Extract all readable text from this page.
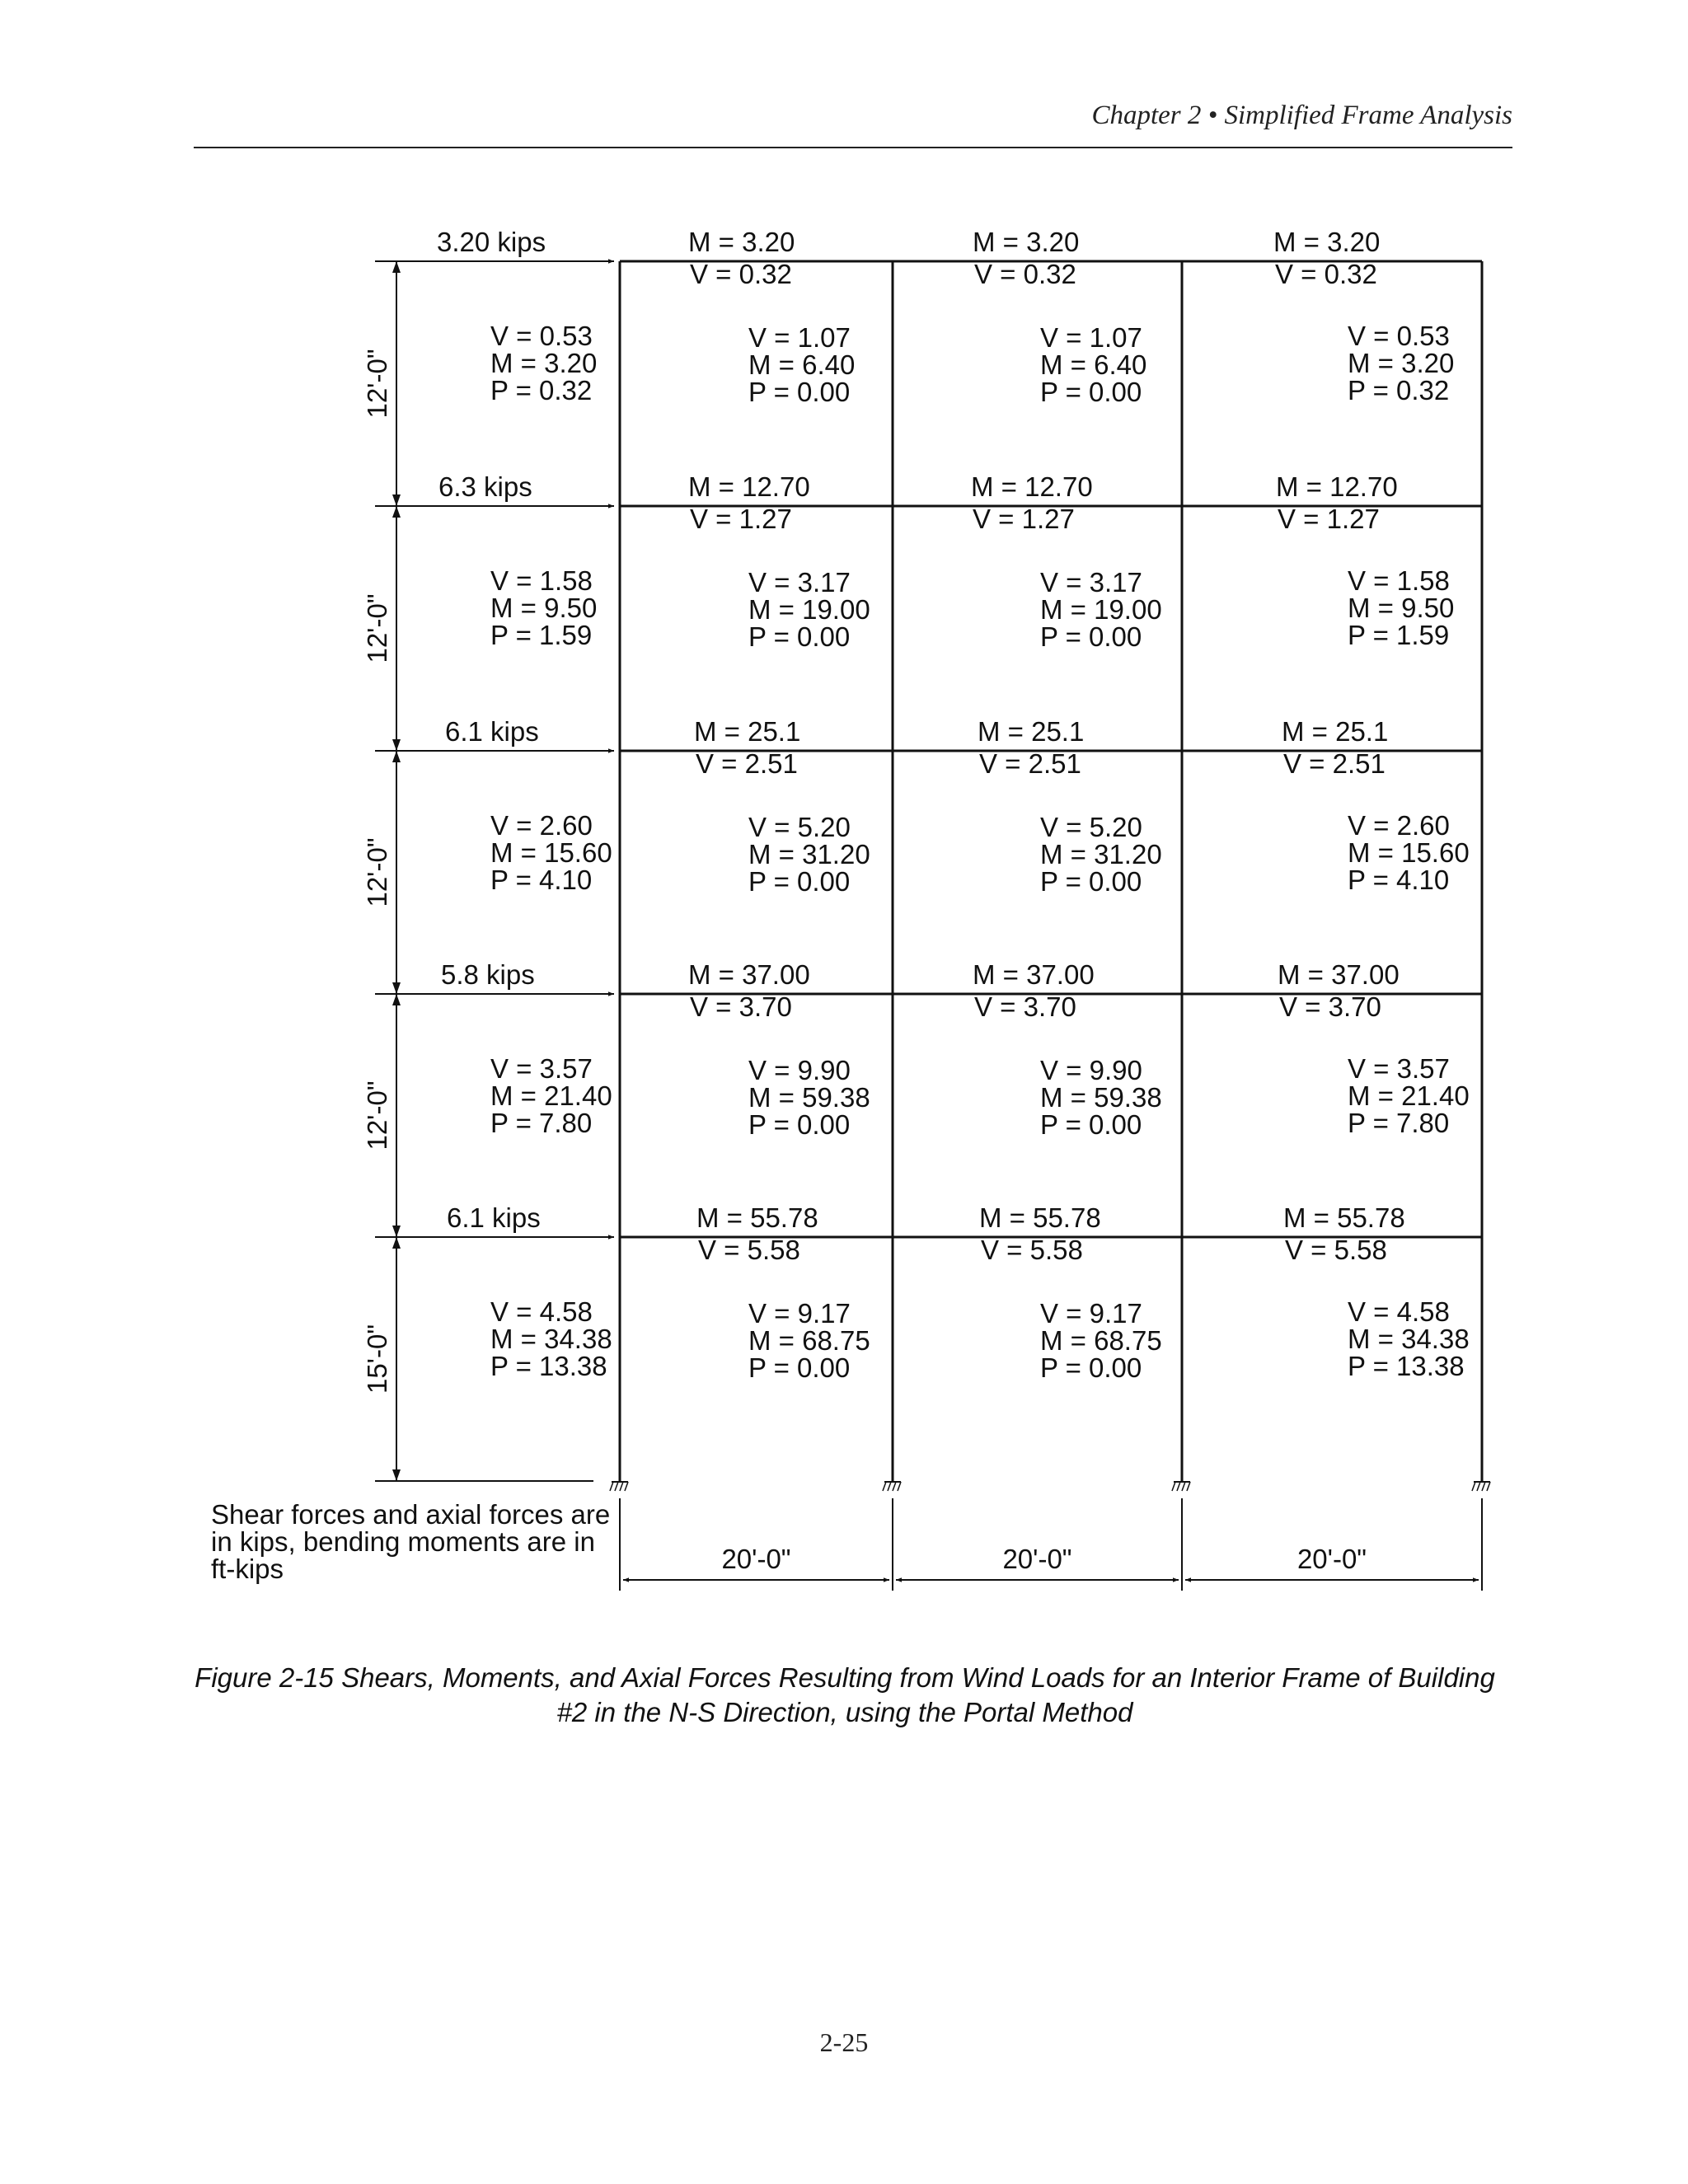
Chapter 2 • Simplified Frame Analysis
3.20 kips
12'-0"
M = 3.20
V = 0.32
M = 3.20
V = 0.32
M = 3.20
V = 0.32
V = 0.53
M = 3.20
P = 0.32
V = 1.07
M = 6.40
P = 0.00
V = 1.07
M = 6.40
P = 0.00
V = 0.53
M = 3.20
P = 0.32
6.3 kips
12'-0"
M = 12.70
V = 1.27
M = 12.70
V = 1.27
M = 12.70
V = 1.27
V = 1.58
M = 9.50
P = 1.59
V = 3.17
M = 19.00
P = 0.00
V = 3.17
M = 19.00
P = 0.00
V = 1.58
M = 9.50
P = 1.59
6.1 kips
12'-0"
M = 25.1
V = 2.51
M = 25.1
V = 2.51
M = 25.1
V = 2.51
V = 2.60
M = 15.60
P = 4.10
V = 5.20
M = 31.20
P = 0.00
V = 5.20
M = 31.20
P = 0.00
V = 2.60
M = 15.60
P = 4.10
5.8 kips
12'-0"
M = 37.00
V = 3.70
M = 37.00
V = 3.70
M = 37.00
V = 3.70
V = 3.57
M = 21.40
P = 7.80
V = 9.90
M = 59.38
P = 0.00
V = 9.90
M = 59.38
P = 0.00
V = 3.57
M = 21.40
P = 7.80
6.1 kips
15'-0"
M = 55.78
V = 5.58
M = 55.78
V = 5.58
M = 55.78
V = 5.58
V = 4.58
M = 34.38
P = 13.38
V = 9.17
M = 68.75
P = 0.00
V = 9.17
M = 68.75
P = 0.00
V = 4.58
M = 34.38
P = 13.38
20'-0"	20'-0"	20'-0"
Shear forces and axial forces are
in kips, bending moments are in
ft-kips
Figure 2-15 Shears, Moments, and Axial Forces Resulting from Wind Loads for an Interior Frame of Building
#2 in the N-S Direction, using the Portal Method
2-25
